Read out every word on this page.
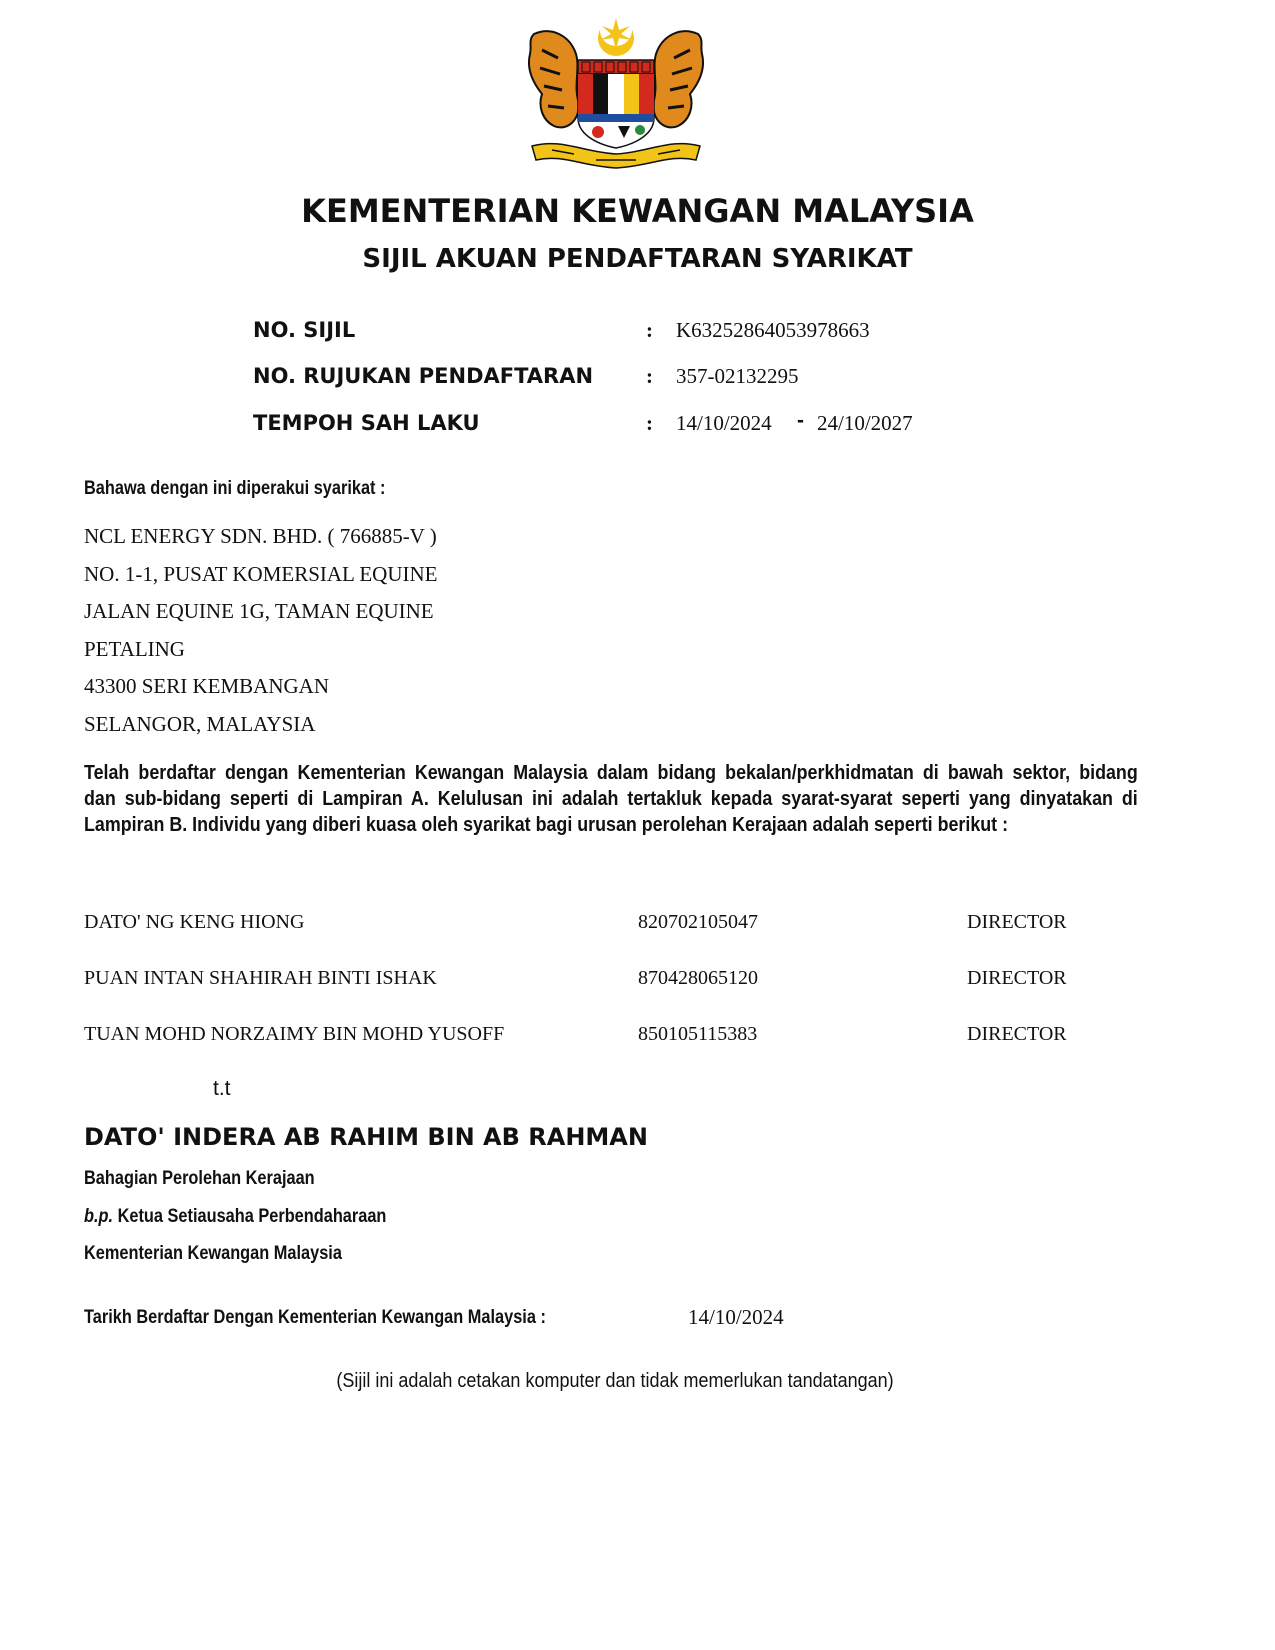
KEMENTERIAN KEWANGAN MALAYSIA
SIJIL AKUAN PENDAFTARAN SYARIKAT
NO. SIJIL	: K63252864053978663
NO. RUJUKAN PENDAFTARAN	: 357-02132295
TEMPOH SAH LAKU	: 14/10/2024 - 24/10/2027
Bahawa dengan ini diperakui syarikat :
NCL ENERGY SDN. BHD. ( 766885-V )
NO. 1-1, PUSAT KOMERSIAL EQUINE
JALAN EQUINE 1G, TAMAN EQUINE
PETALING
43300 SERI KEMBANGAN
SELANGOR, MALAYSIA
Telah berdaftar dengan Kementerian Kewangan Malaysia dalam bidang bekalan/perkhidmatan di bawah sektor, bidang
dan sub-bidang seperti di Lampiran A. Kelulusan ini adalah tertakluk kepada syarat-syarat seperti yang dinyatakan di
Lampiran B. Individu yang diberi kuasa oleh syarikat bagi urusan perolehan Kerajaan adalah seperti berikut :
DATO' NG KENG HIONG	820702105047	DIRECTOR
PUAN INTAN SHAHIRAH BINTI ISHAK	870428065120	DIRECTOR
TUAN MOHD NORZAIMY BIN MOHD YUSOFF	850105115383	DIRECTOR
t.t
DATO' INDERA AB RAHIM BIN AB RAHMAN
Bahagian Perolehan Kerajaan
b.p. Ketua Setiausaha Perbendaharaan
Kementerian Kewangan Malaysia
Tarikh Berdaftar Dengan Kementerian Kewangan Malaysia :	14/10/2024
(Sijil ini adalah cetakan komputer dan tidak memerlukan tandatangan)
